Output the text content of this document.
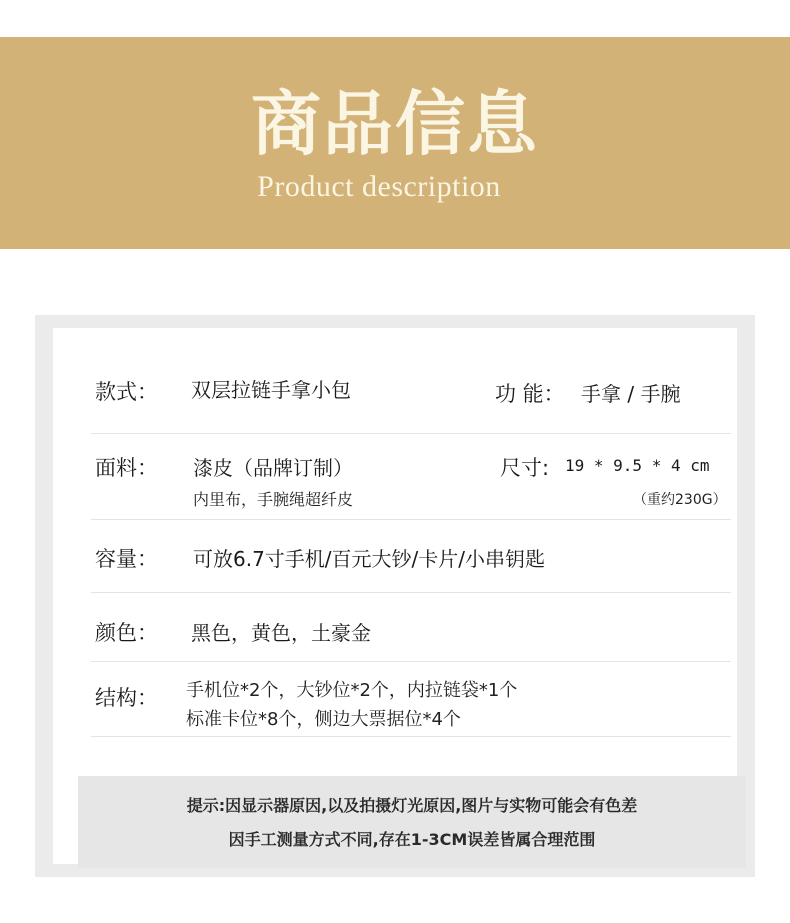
商品信息
Product description
款式： 双层拉链手拿小包	功 能： 手拿 / 手腕
面料： 漆皮（品牌订制）
内里布，手腕绳超纤皮
尺寸: 19 * 9.5 * 4 cm
（重约230G）
容量： 可放6.7寸手机/百元大钞/卡片/小串钥匙
颜色： 黑色，黄色，土豪金
结构： 手机位*2个，大钞位*2个，内拉链袋*1个
标准卡位*8个，侧边大票据位*4个
提示:因显示器原因,以及拍摄灯光原因,图片与实物可能会有色差
因手工测量方式不同,存在1-3CM误差皆属合理范围
